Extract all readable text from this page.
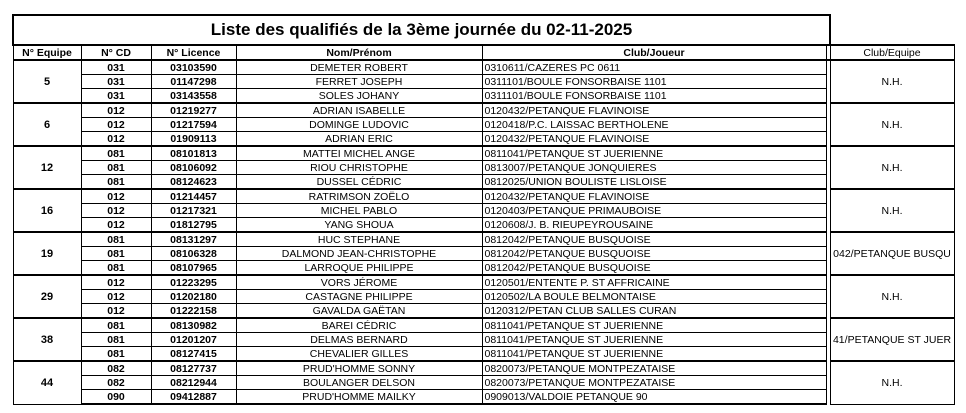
Liste des qualifiés de la 3ème journée du 02-11-2025						
N° Equipe	N° CD	N° Licence	Nom/Prénom	Club/Joueur		Club/Equipe
5	031	03103590	DEMETER ROBERT	0310611/CAZERES PC 0611		N.H.
	031	01147298	FERRET JOSEPH	0311101/BOULE FONSORBAISE 1101		
	031	03143558	SOLES JOHANY	0311101/BOULE FONSORBAISE 1101		
6	012	01219277	ADRIAN ISABELLE	0120432/PETANQUE FLAVINOISE		N.H.
	012	01217594	DOMINGE LUDOVIC	0120418/P.C. LAISSAC BERTHOLENE		
	012	01909113	ADRIAN ERIC	0120432/PETANQUE FLAVINOISE		
12	081	08101813	MATTEI MICHEL ANGE	0811041/PETANQUE ST JUERIENNE		N.H.
	081	08106092	RIOU CHRISTOPHE	0813007/PETANQUE JONQUIERES		
	081	08124623	DUSSEL CÉDRIC	0812025/UNION BOULISTE LISLOISE		
16	012	01214457	RATRIMSON ZOËLO	0120432/PETANQUE FLAVINOISE		N.H.
	012	01217321	MICHEL PABLO	0120403/PETANQUE PRIMAUBOISE		
	012	01812795	YANG SHOUA	0120608/J. B. RIEUPEYROUSAINE		
19	081	08131297	HUC STEPHANE	0812042/PETANQUE BUSQUOISE		042/PETANQUE BUSQU
	081	08106328	DALMOND JEAN-CHRISTOPHE	0812042/PETANQUE BUSQUOISE		
	081	08107965	LARROQUE PHILIPPE	0812042/PETANQUE BUSQUOISE		
29	012	01223295	VORS JÉROME	0120501/ENTENTE P. ST AFFRICAINE		N.H.
	012	01202180	CASTAGNE PHILIPPE	0120502/LA BOULE BELMONTAISE		
	012	01222158	GAVALDA GAËTAN	0120312/PETAN CLUB SALLES CURAN		
38	081	08130982	BAREI CÉDRIC	0811041/PETANQUE ST JUERIENNE		41/PETANQUE ST JUER
	081	01201207	DELMAS BERNARD	0811041/PETANQUE ST JUERIENNE		
	081	08127415	CHEVALIER GILLES	0811041/PETANQUE ST JUERIENNE		
44	082	08127737	PRUD'HOMME SONNY	0820073/PETANQUE MONTPEZATAISE		N.H.
	082	08212944	BOULANGER DELSON	0820073/PETANQUE MONTPEZATAISE		
	090	09412887	PRUD'HOMME MAILKY	0909013/VALDOIE PETANQUE 90		
